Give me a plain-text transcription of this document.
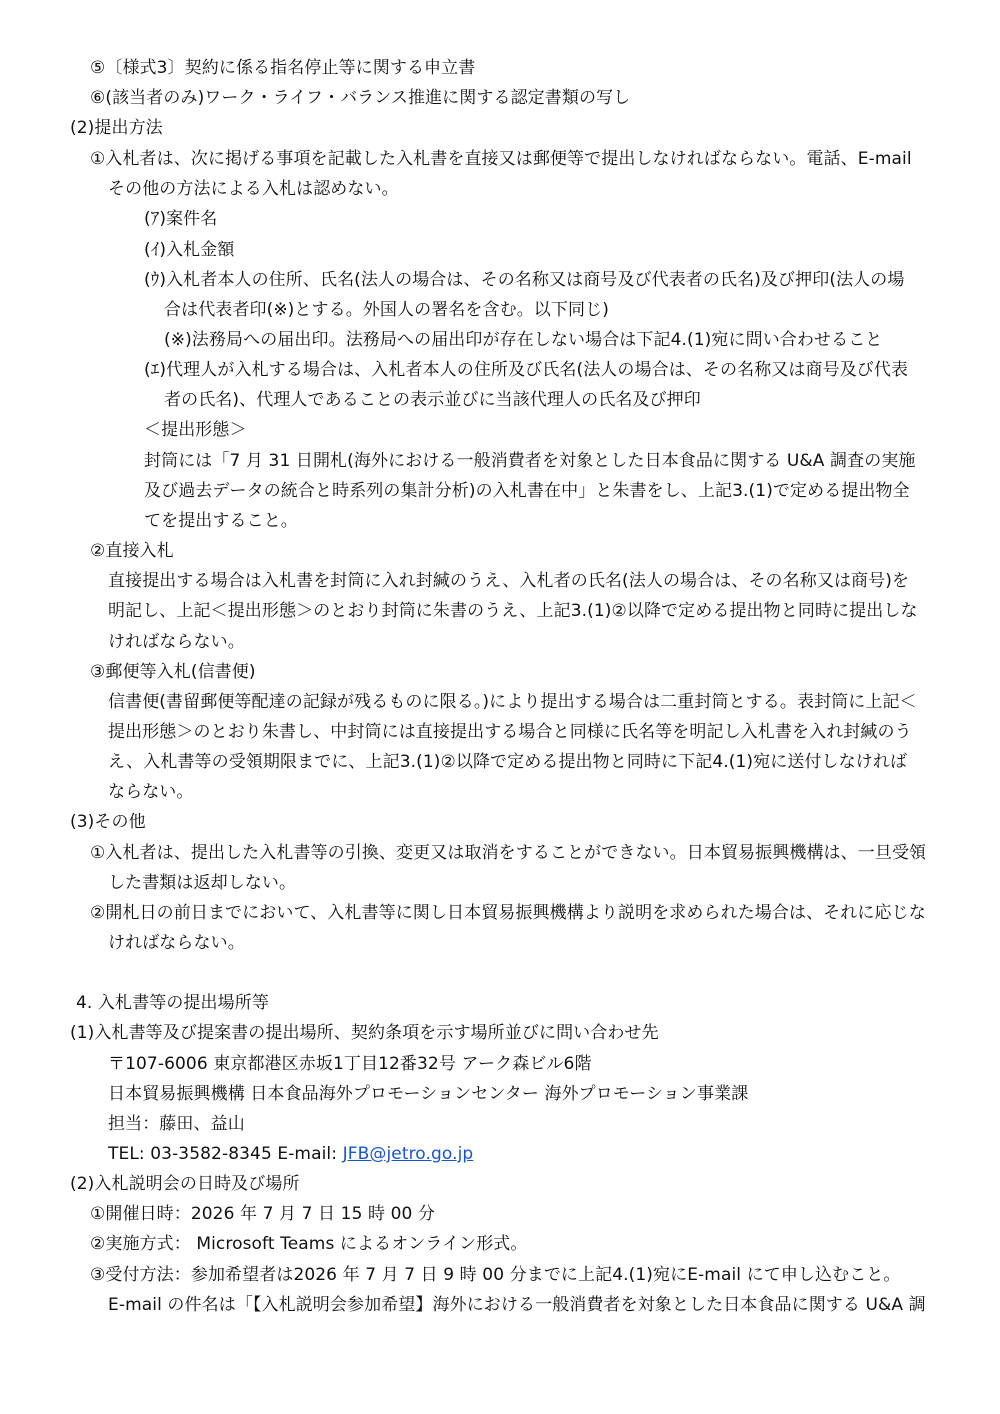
⑤〔様式3〕契約に係る指名停止等に関する申立書
⑥(該当者のみ)ワーク・ライフ・バランス推進に関する認定書類の写し
(2)提出方法
①入札者は、次に掲げる事項を記載した入札書を直接又は郵便等で提出しなければならない。電話、E-mail
その他の方法による入札は認めない。
(ｱ)案件名
(ｲ)入札金額
(ｳ)入札者本人の住所、氏名(法人の場合は、その名称又は商号及び代表者の氏名)及び押印(法人の場
合は代表者印(※)とする。外国人の署名を含む。以下同じ)
(※)法務局への届出印。法務局への届出印が存在しない場合は下記4.(1)宛に問い合わせること
(ｴ)代理人が入札する場合は、入札者本人の住所及び氏名(法人の場合は、その名称又は商号及び代表
者の氏名)、代理人であることの表示並びに当該代理人の氏名及び押印
＜提出形態＞
封筒には「7 月 31 日開札(海外における一般消費者を対象とした日本食品に関する U&A 調査の実施
及び過去データの統合と時系列の集計分析)の入札書在中」と朱書をし、上記3.(1)で定める提出物全
てを提出すること。
②直接入札
直接提出する場合は入札書を封筒に入れ封緘のうえ、入札者の氏名(法人の場合は、その名称又は商号)を
明記し、上記＜提出形態＞のとおり封筒に朱書のうえ、上記3.(1)②以降で定める提出物と同時に提出しな
ければならない。
③郵便等入札(信書便)
信書便(書留郵便等配達の記録が残るものに限る。)により提出する場合は二重封筒とする。表封筒に上記＜
提出形態＞のとおり朱書し、中封筒には直接提出する場合と同様に氏名等を明記し入札書を入れ封緘のう
え、入札書等の受領期限までに、上記3.(1)②以降で定める提出物と同時に下記4.(1)宛に送付しなければ
ならない。
(3)その他
①入札者は、提出した入札書等の引換、変更又は取消をすることができない。日本貿易振興機構は、一旦受領
した書類は返却しない。
②開札日の前日までにおいて、入札書等に関し日本貿易振興機構より説明を求められた場合は、それに応じな
ければならない。
4. 入札書等の提出場所等
(1)入札書等及び提案書の提出場所、契約条項を示す場所並びに問い合わせ先
〒107-6006 東京都港区赤坂1丁目12番32号 アーク森ビル6階
日本貿易振興機構 日本食品海外プロモーションセンター 海外プロモーション事業課
担当：藤田、益山
TEL: 03-3582-8345 E-mail: JFB@jetro.go.jp
(2)入札説明会の日時及び場所
①開催日時：2026 年 7 月 7 日 15 時 00 分
②実施方式： Microsoft Teams によるオンライン形式。
③受付方法：参加希望者は2026 年 7 月 7 日 9 時 00 分までに上記4.(1)宛にE-mail にて申し込むこと。
E-mail の件名は「【入札説明会参加希望】海外における一般消費者を対象とした日本食品に関する U&A 調
